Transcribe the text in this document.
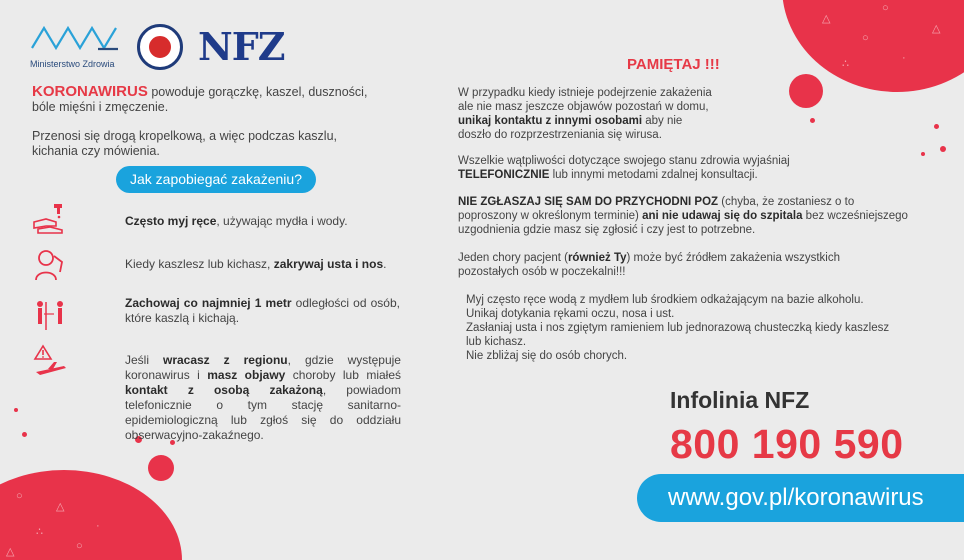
△
○
·
∴
△
○
○
△
·
∴
○
△
Ministerstwo Zdrowia NFZ
KORONAWIRUS powoduje gorączkę, kaszel, duszności, bóle mięśni i zmęczenie.
Przenosi się drogą kropelkową, a więc podczas kaszlu, kichania czy mówienia.
Jak zapobiegać zakażeniu?
Często myj ręce, używając mydła i wody.
Kiedy kaszlesz lub kichasz, zakrywaj usta i nos.
Zachowaj co najmniej 1 metr odległości od osób, które kaszlą i kichają.
Jeśli wracasz z regionu, gdzie występuje koronawirus i masz objawy choroby lub miałeś kontakt z osobą zakażoną, powiadom telefonicznie o tym stację sanitarno-epidemiologiczną lub zgłoś się do oddziału obserwacyjno-zakaźnego.
PAMIĘTAJ !!!
W przypadku kiedy istnieje podejrzenie zakażenia ale nie masz jeszcze objawów pozostań w domu, unikaj kontaktu z innymi osobami aby nie doszło do rozprzestrzeniania się wirusa.
Wszelkie wątpliwości dotyczące swojego stanu zdrowia wyjaśniaj TELEFONICZNIE lub innymi metodami zdalnej konsultacji.
NIE ZGŁASZAJ SIĘ SAM DO PRZYCHODNI POZ (chyba, że zostaniesz o to poproszony w określonym terminie) ani nie udawaj się do szpitala bez wcześniejszego uzgodnienia gdzie masz się zgłosić i czy jest to potrzebne.
Jeden chory pacjent (również Ty) może być źródłem zakażenia wszystkich pozostałych osób w poczekalni!!!
Myj często ręce wodą z mydłem lub środkiem odkażającym na bazie alkoholu.
Unikaj dotykania rękami oczu, nosa i ust.
Zasłaniaj usta i nos zgiętym ramieniem lub jednorazową chusteczką kiedy kaszlesz lub kichasz.
Nie zbliżaj się do osób chorych.
Infolinia NFZ
800 190 590
www.gov.pl/koronawirus
